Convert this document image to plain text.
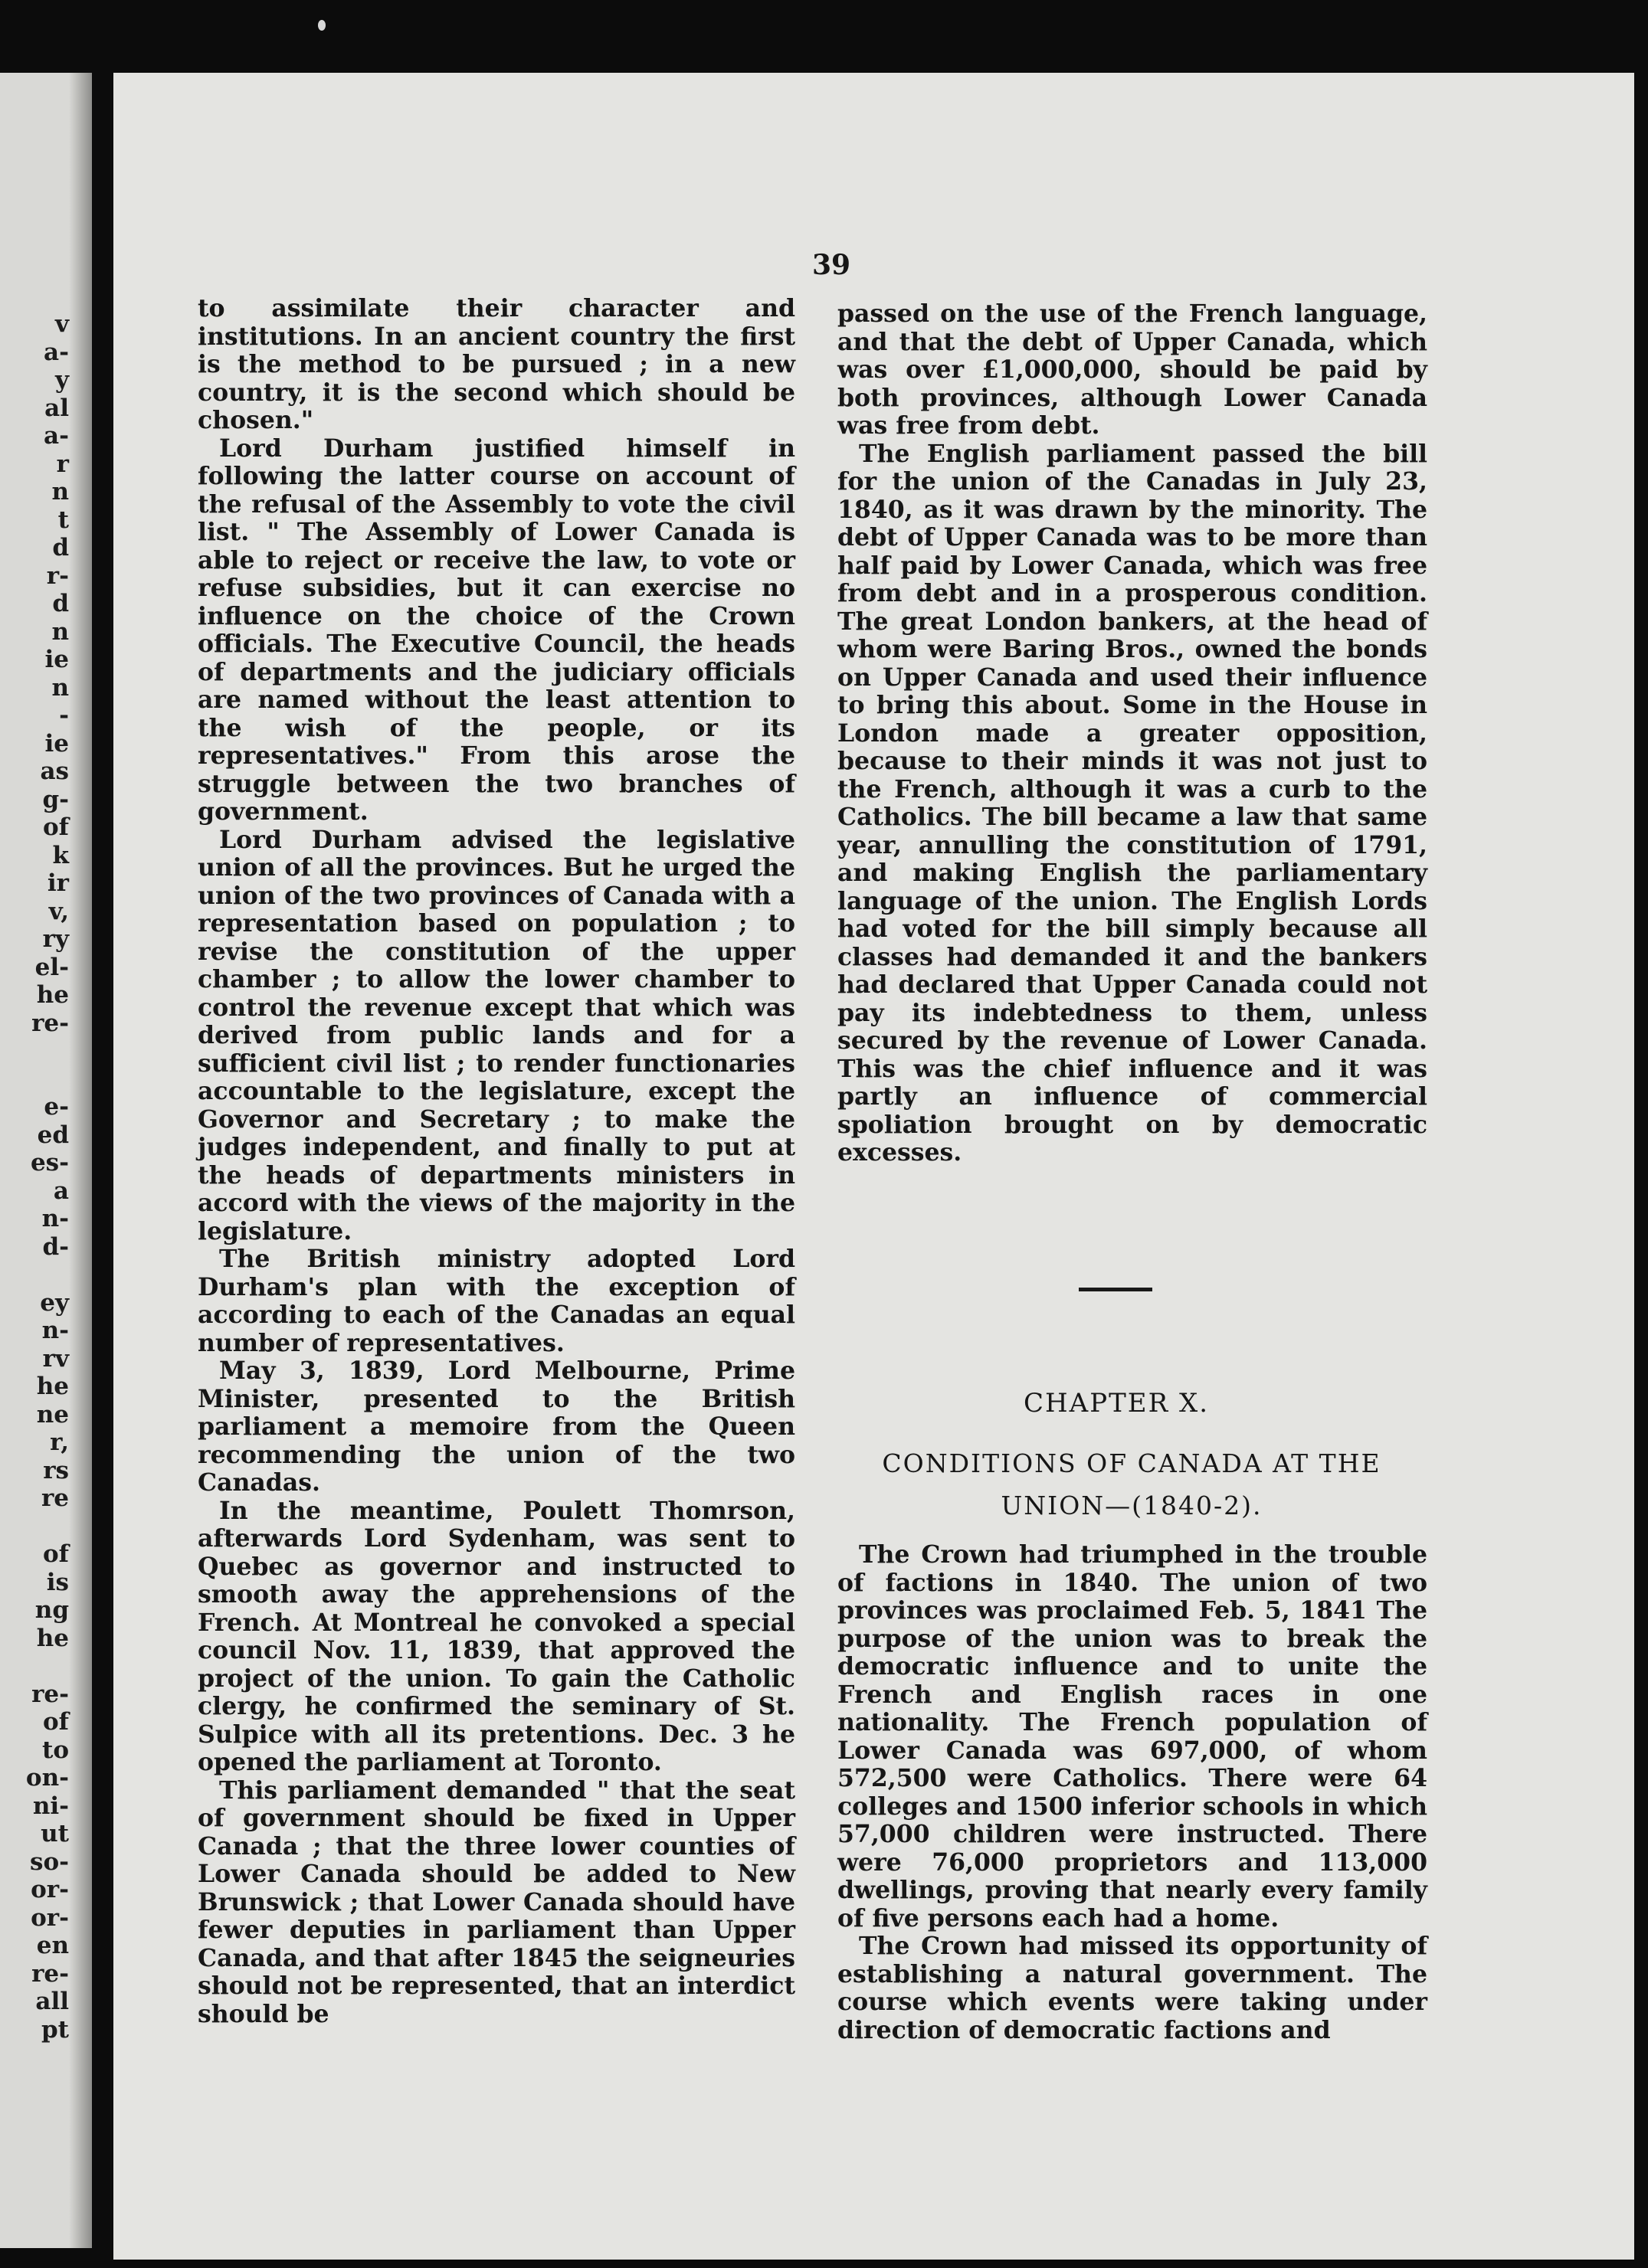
v
a-
y
al
a-
r
n
t
d
r-
d
n
ie
n
-
ie
as
g-
of
k
ir
v,
ry
el-
he
re-
e-
ed
es-
a
n-
d-
ey
n-
rv
he
ne
r,
rs
re
of
is
ng
he
re-
of
to
on-
ni-
ut
so-
or-
or-
en
re-
all
pt
39

to assimilate their character and institutions. In an ancient country the first is the method to be pursued ; in a new country, it is the second which should be chosen."

Lord Durham justified himself in following the latter course on account of the refusal of the Assembly to vote the civil list. " The Assembly of Lower Canada is able to reject or receive the law, to vote or refuse subsidies, but it can exercise no influence on the choice of the Crown officials. The Executive Council, the heads of departments and the judiciary officials are named without the least attention to the wish of the people, or its representatives." From this arose the struggle between the two branches of government.

Lord Durham advised the legislative union of all the provinces. But he urged the union of the two provinces of Canada with a representation based on population ; to revise the constitution of the upper chamber ; to allow the lower chamber to control the revenue except that which was derived from public lands and for a sufficient civil list ; to render functionaries accountable to the legislature, except the Governor and Secretary ; to make the judges independent, and finally to put at the heads of departments ministers in accord with the views of the majority in the legislature.

The British ministry adopted Lord Durham's plan with the exception of according to each of the Canadas an equal number of representatives.

May 3, 1839, Lord Melbourne, Prime Minister, presented to the British parliament a memoire from the Queen recommending the union of the two Canadas.

In the meantime, Poulett Thomrson, afterwards Lord Sydenham, was sent to Quebec as governor and instructed to smooth away the apprehensions of the French. At Montreal he convoked a special council Nov. 11, 1839, that approved the project of the union. To gain the Catholic clergy, he confirmed the seminary of St. Sulpice with all its pretentions. Dec. 3 he opened the parliament at Toronto.

This parliament demanded " that the seat of government should be fixed in Upper Canada ; that the three lower counties of Lower Canada should be added to New Brunswick ; that Lower Canada should have fewer deputies in parliament than Upper Canada, and that after 1845 the seigneuries should not be represented, that an interdict should be

passed on the use of the French language, and that the debt of Upper Canada, which was over £1,000,000, should be paid by both provinces, although Lower Canada was free from debt.

The English parliament passed the bill for the union of the Canadas in July 23, 1840, as it was drawn by the minority. The debt of Upper Canada was to be more than half paid by Lower Canada, which was free from debt and in a prosperous condition. The great London bankers, at the head of whom were Baring Bros., owned the bonds on Upper Canada and used their influence to bring this about. Some in the House in London made a greater opposition, because to their minds it was not just to the French, although it was a curb to the Catholics. The bill became a law that same year, annulling the constitution of 1791, and making English the parliamentary language of the union. The English Lords had voted for the bill simply because all classes had demanded it and the bankers had declared that Upper Canada could not pay its indebtedness to them, unless secured by the revenue of Lower Canada. This was the chief influence and it was partly an influence of commercial spoliation brought on by democratic excesses.

CHAPTER X.
CONDITIONS OF CANADA AT THE
UNION—(1840-2).

The Crown had triumphed in the trouble of factions in 1840. The union of two provinces was proclaimed Feb. 5, 1841 The purpose of the union was to break the democratic influence and to unite the French and English races in one nationality. The French population of Lower Canada was 697,000, of whom 572,500 were Catholics. There were 64 colleges and 1500 inferior schools in which 57,000 children were instructed. There were 76,000 proprietors and 113,000 dwellings, proving that nearly every family of five persons each had a home.

The Crown had missed its opportunity of establishing a natural government. The course which events were taking under direction of democratic factions and
